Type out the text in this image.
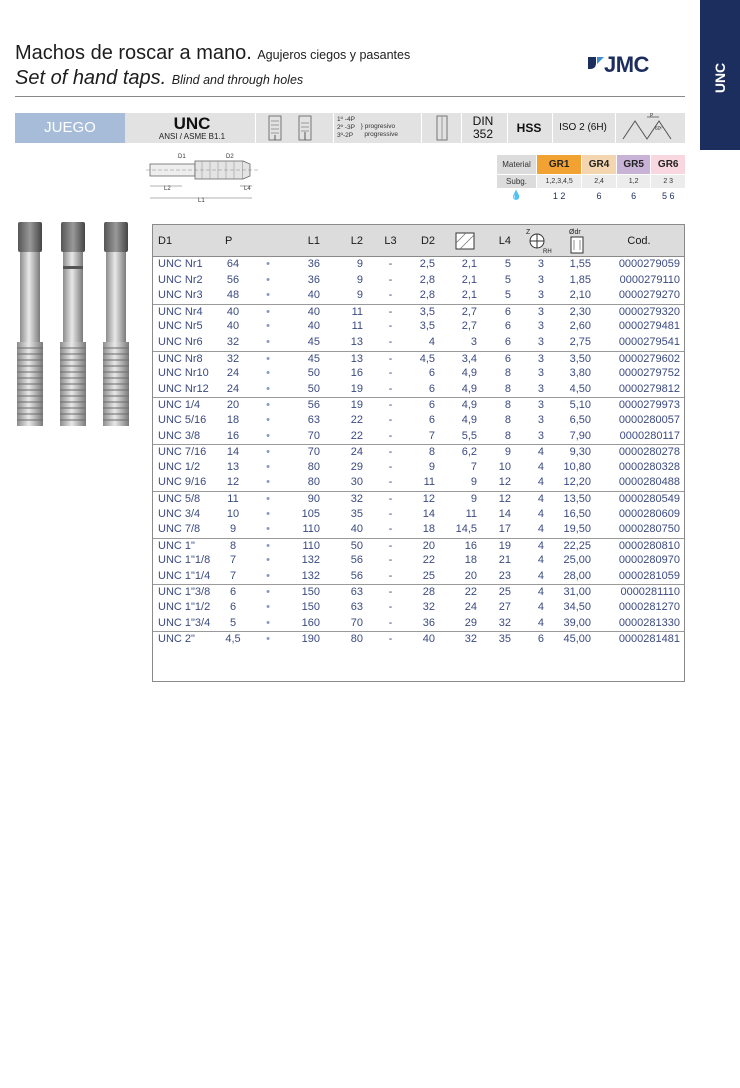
UNC
Machos de roscar a mano. Agujeros ciegos y pasantes
Set of hand taps. Blind and through holes
JMC
JUEGO	UNC
ANSI / ASME B1.1
1º -4P
2º -3P
3º-2P } progresivo
progressive
DIN
352	HSS	ISO 2 (6H)
P
60º
D1	D2
L2	L4
L1
Material	GR1	GR4	GR5	GR6
Subg.	1,2,3,4,5	2,4	1,2	2 3
💧	1 2	6	6	5 6
D1	P	L1	L2	L3	D2	L4
Z
RH
Ødr
Cod.
UNC Nr1	64	•	36	9	-	2,5	2,1	5	3	1,55	0000279059
UNC Nr2	56	•	36	9	-	2,8	2,1	5	3	1,85	0000279110
UNC Nr3	48	•	40	9	-	2,8	2,1	5	3	2,10	0000279270
UNC Nr4	40	•	40	11	-	3,5	2,7	6	3	2,30	0000279320
UNC Nr5	40	•	40	11	-	3,5	2,7	6	3	2,60	0000279481
UNC Nr6	32	•	45	13	-	4	3	6	3	2,75	0000279541
UNC Nr8	32	•	45	13	-	4,5	3,4	6	3	3,50	0000279602
UNC Nr10	24	•	50	16	-	6	4,9	8	3	3,80	0000279752
UNC Nr12	24	•	50	19	-	6	4,9	8	3	4,50	0000279812
UNC 1/4	20	•	56	19	-	6	4,9	8	3	5,10	0000279973
UNC 5/16	18	•	63	22	-	6	4,9	8	3	6,50	0000280057
UNC 3/8	16	•	70	22	-	7	5,5	8	3	7,90	0000280117
UNC 7/16	14	•	70	24	-	8	6,2	9	4	9,30	0000280278
UNC 1/2	13	•	80	29	-	9	7	10	4	10,80	0000280328
UNC 9/16	12	•	80	30	-	11	9	12	4	12,20	0000280488
UNC 5/8	11	•	90	32	-	12	9	12	4	13,50	0000280549
UNC 3/4	10	•	105	35	-	14	11	14	4	16,50	0000280609
UNC 7/8	9	•	110	40	-	18	14,5	17	4	19,50	0000280750
UNC 1"	8	•	110	50	-	20	16	19	4	22,25	0000280810
UNC 1"1/8	7	•	132	56	-	22	18	21	4	25,00	0000280970
UNC 1"1/4	7	•	132	56	-	25	20	23	4	28,00	0000281059
UNC 1"3/8	6	•	150	63	-	28	22	25	4	31,00	0000281110
UNC 1"1/2	6	•	150	63	-	32	24	27	4	34,50	0000281270
UNC 1"3/4	5	•	160	70	-	36	29	32	4	39,00	0000281330
UNC 2"	4,5	•	190	80	-	40	32	35	6	45,00	0000281481
